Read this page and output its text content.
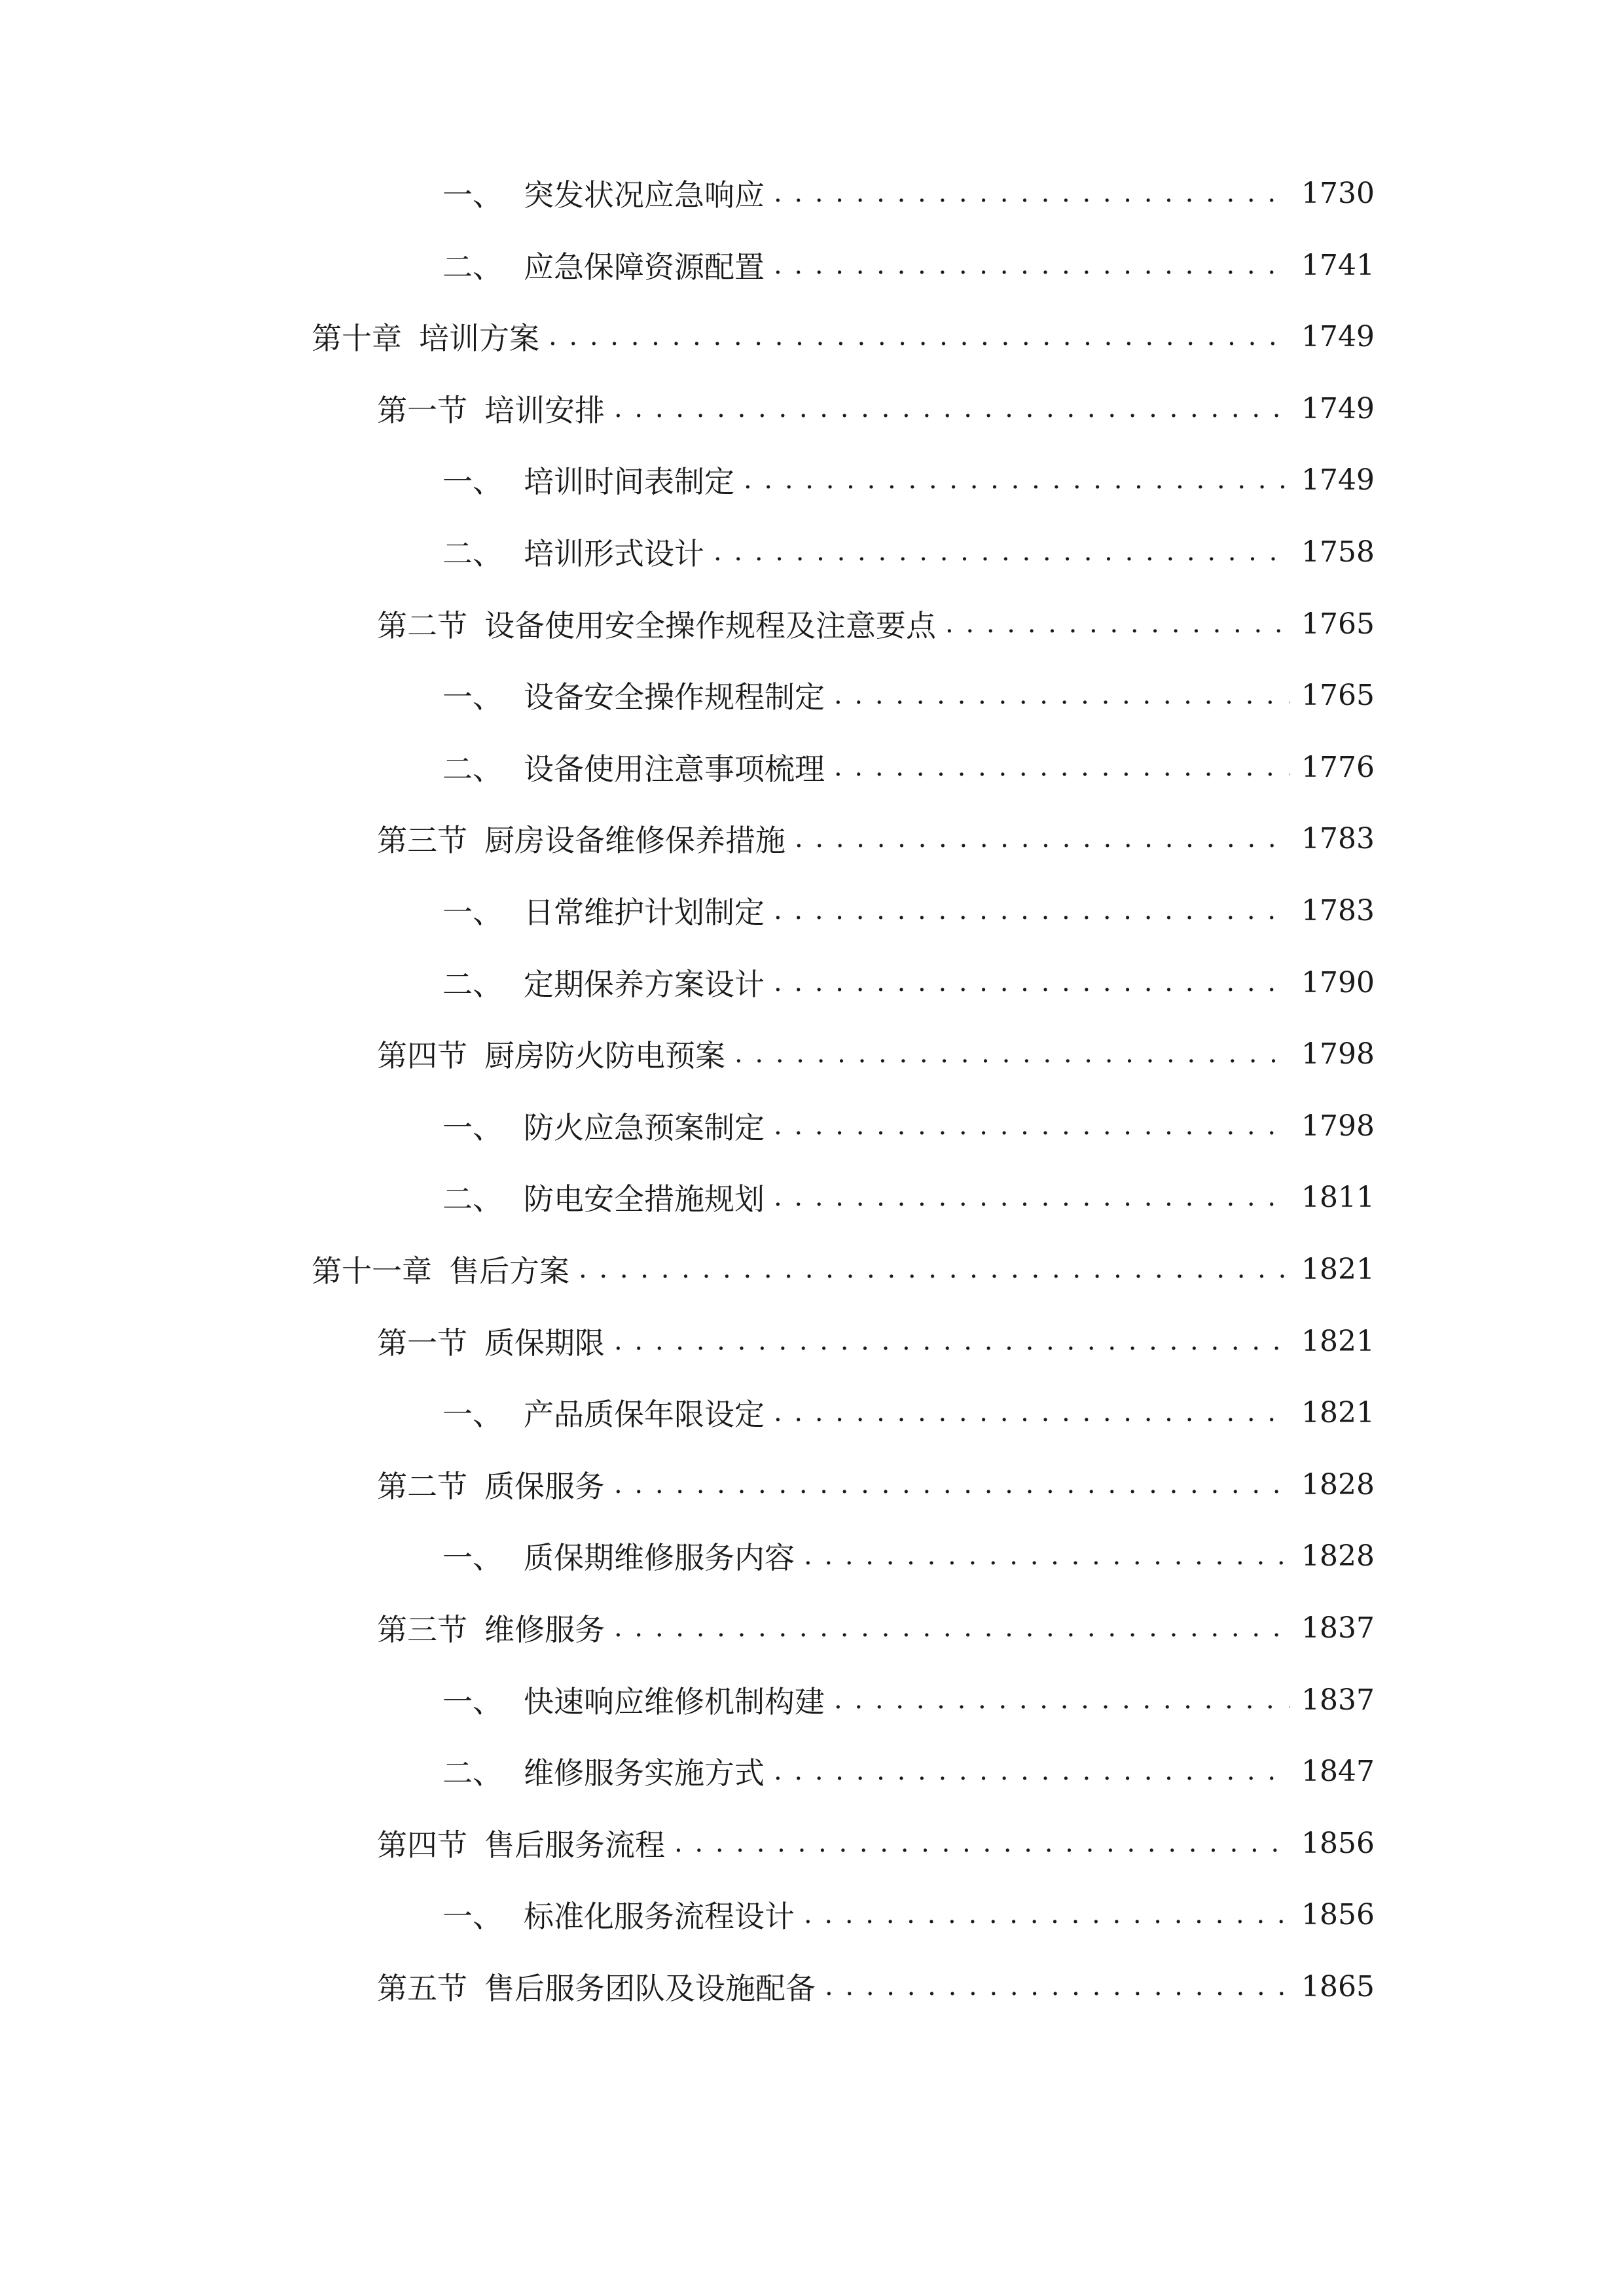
一、 突发状况应急响应 . . .	1730
二、 应急保障资源配置 . . .	1741
第十章 培训方案 . . .	1749
第一节 培训安排 . . .	1749
一、 培训时间表制定 . . .	1749
二、 培训形式设计 . . .	1758
第二节 设备使用安全操作规程及注意要点 . . .	1765
一、 设备安全操作规程制定 . . .	1765
二、 设备使用注意事项梳理 . . .	1776
第三节 厨房设备维修保养措施 . . .	1783
一、 日常维护计划制定 . . .	1783
二、 定期保养方案设计 . . .	1790
第四节 厨房防火防电预案 . . .	1798
一、 防火应急预案制定 . . .	1798
二、 防电安全措施规划 . . .	1811
第十一章 售后方案 . . .	1821
第一节 质保期限 . . .	1821
一、 产品质保年限设定 . . .	1821
第二节 质保服务 . . .	1828
一、 质保期维修服务内容 . . .	1828
第三节 维修服务 . . .	1837
一、 快速响应维修机制构建 . . .	1837
二、 维修服务实施方式 . . .	1847
第四节 售后服务流程 . . .	1856
一、 标准化服务流程设计 . . .	1856
第五节 售后服务团队及设施配备 . . .	1865
